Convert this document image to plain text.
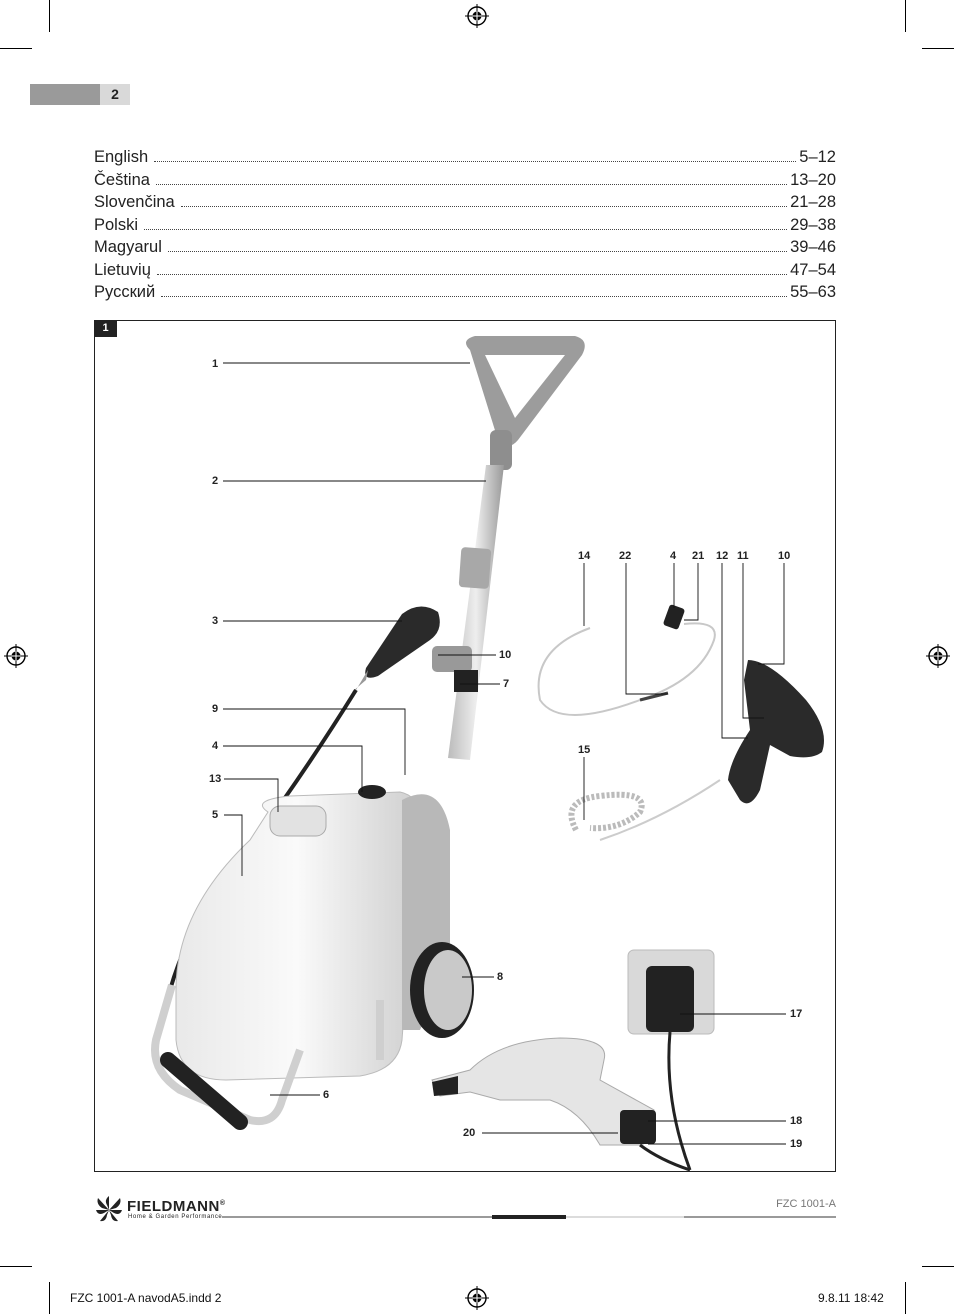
2
English	5–12
Čeština	13–20
Slovenčina	21–28
Polski	29–38
Magyarul	39–46
Lietuvių	47–54
Русский	55–63
1
1
2
3
9
4
13
5
10
7
8
6
14	22	4 21 12 11	10
15
17
18
19
20
FIELDMANN®
Home & Garden Performance
FZC 1001-A
FZC 1001-A navodA5.indd 2	9.8.11 18:42
